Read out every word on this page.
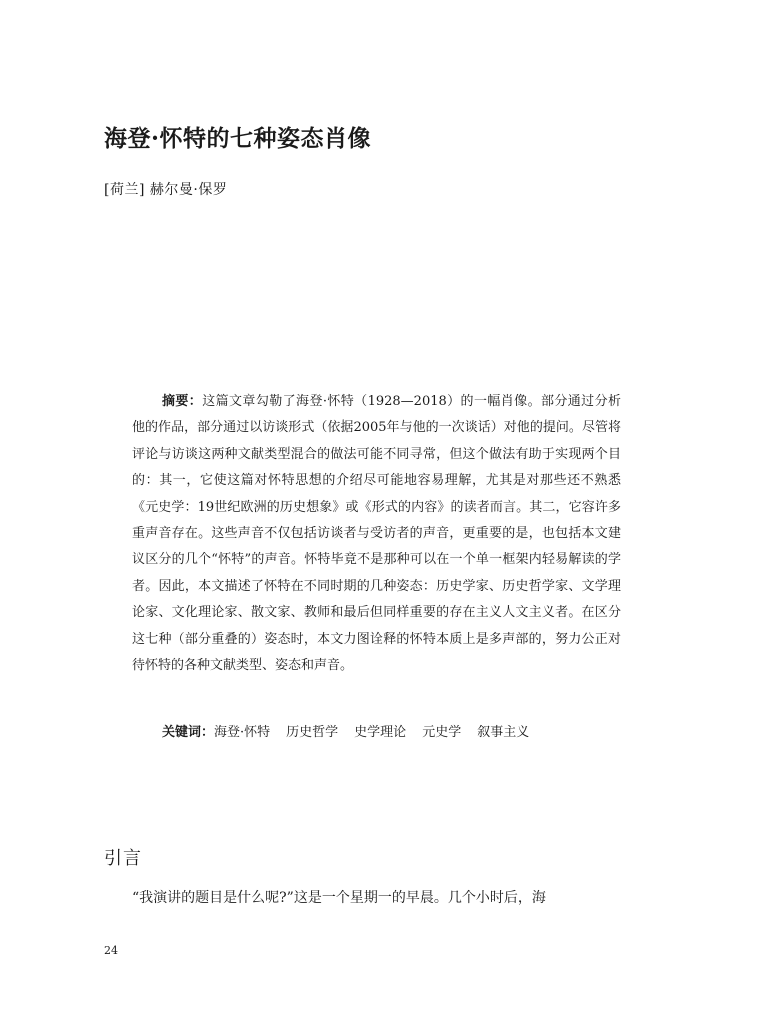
海登·怀特的七种姿态肖像
[荷兰] 赫尔曼·保罗

摘要：这篇文章勾勒了海登·怀特（1928—2018）的一幅肖像。部分通过分析他的作品，部分通过以访谈形式（依据2005年与他的一次谈话）对他的提问。尽管将评论与访谈这两种文献类型混合的做法可能不同寻常，但这个做法有助于实现两个目的：其一，它使这篇对怀特思想的介绍尽可能地容易理解，尤其是对那些还不熟悉《元史学：19世纪欧洲的历史想象》或《形式的内容》的读者而言。其二，它容许多重声音存在。这些声音不仅包括访谈者与受访者的声音，更重要的是，也包括本文建议区分的几个“怀特”的声音。怀特毕竟不是那种可以在一个单一框架内轻易解读的学者。因此，本文描述了怀特在不同时期的几种姿态：历史学家、历史哲学家、文学理论家、文化理论家、散文家、教师和最后但同样重要的存在主义人文主义者。在区分这七种（部分重叠的）姿态时，本文力图诠释的怀特本质上是多声部的，努力公正对待怀特的各种文献类型、姿态和声音。

关键词：海登·怀特 历史哲学 史学理论 元史学 叙事主义

引言

“我演讲的题目是什么呢?”这是一个星期一的早晨。几个小时后，海

24
